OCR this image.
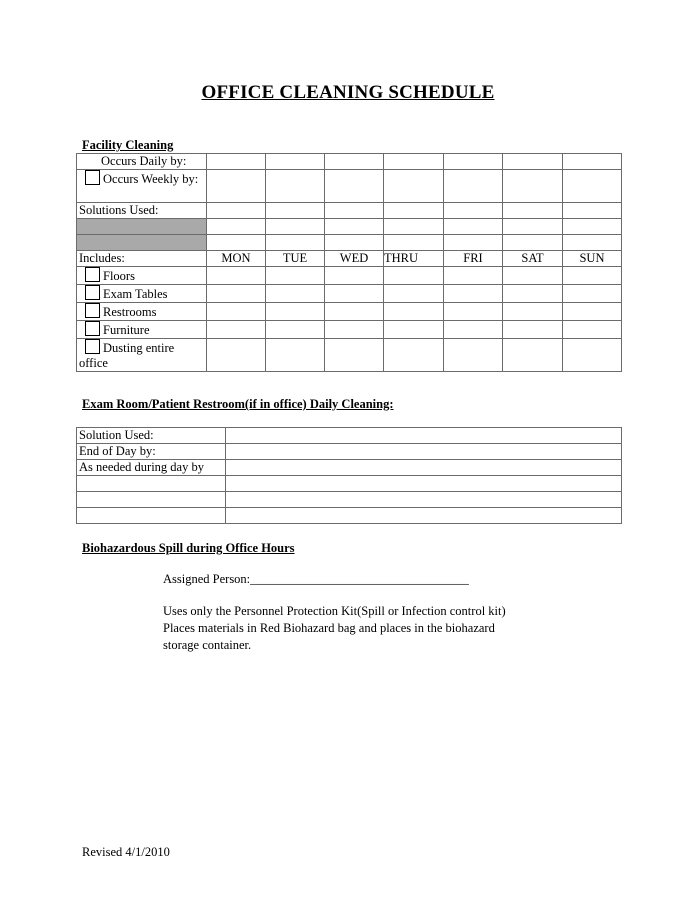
OFFICE CLEANING SCHEDULE
Facility Cleaning
Occurs Daily by:							
Occurs Weekly by:							
Solutions Used:							

Includes:	MON	TUE	WED	THRU	FRI	SAT	SUN
Floors							
Exam Tables							
Restrooms							
Furniture							
Dusting entire office							
Exam Room/Patient Restroom(if in office) Daily Cleaning:
Solution Used:	
End of Day by:	
As needed during day by	

Biohazardous Spill during Office Hours
Assigned Person:___________________________________
Uses only the Personnel Protection Kit(Spill or Infection control kit)
Places materials in Red Biohazard bag and places in the biohazard
storage container.
Revised 4/1/2010
